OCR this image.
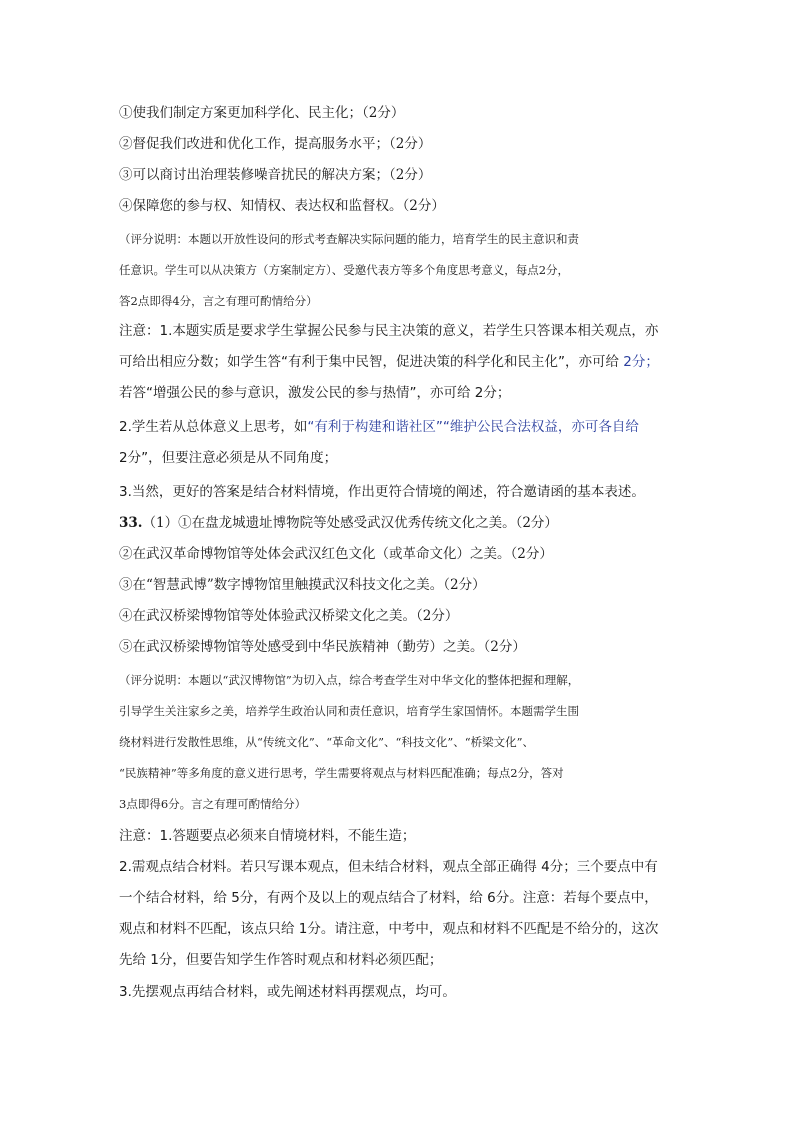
①使我们制定方案更加科学化、民主化；（2分）
②督促我们改进和优化工作，提高服务水平；（2分）
③可以商讨出治理装修噪音扰民的解决方案；（2分）
④保障您的参与权、知情权、表达权和监督权。（2分）
（评分说明：本题以开放性设问的形式考查解决实际问题的能力，培育学生的民主意识和责
任意识。学生可以从决策方（方案制定方）、受邀代表方等多个角度思考意义，每点2分，
答2点即得4分，言之有理可酌情给分）
注意：1.本题实质是要求学生掌握公民参与民主决策的意义，若学生只答课本相关观点，亦
可给出相应分数；如学生答“有利于集中民智，促进决策的科学化和民主化”，亦可给 2分；
若答“增强公民的参与意识，激发公民的参与热情”，亦可给 2分；
2.学生若从总体意义上思考，如“有利于构建和谐社区”“维护公民合法权益，亦可各自给
2分”，但要注意必须是从不同角度；
3.当然，更好的答案是结合材料情境，作出更符合情境的阐述，符合邀请函的基本表述。
33.（1）①在盘龙城遗址博物院等处感受武汉优秀传统文化之美。（2分）
②在武汉革命博物馆等处体会武汉红色文化（或革命文化）之美。（2分）
③在“智慧武博”数字博物馆里触摸武汉科技文化之美。（2分）
④在武汉桥梁博物馆等处体验武汉桥梁文化之美。（2分）
⑤在武汉桥梁博物馆等处感受到中华民族精神（勤劳）之美。（2分）
（评分说明：本题以“武汉博物馆”为切入点，综合考查学生对中华文化的整体把握和理解，
引导学生关注家乡之美，培养学生政治认同和责任意识，培育学生家国情怀。本题需学生围
绕材料进行发散性思维，从“传统文化”、“革命文化”、“科技文化”、“桥梁文化”、
“民族精神”等多角度的意义进行思考，学生需要将观点与材料匹配准确；每点2分，答对
3点即得6分。言之有理可酌情给分）
注意：1.答题要点必须来自情境材料，不能生造；
2.需观点结合材料。若只写课本观点，但未结合材料，观点全部正确得 4分；三个要点中有
一个结合材料，给 5分，有两个及以上的观点结合了材料，给 6分。注意：若每个要点中，
观点和材料不匹配，该点只给 1分。请注意，中考中，观点和材料不匹配是不给分的，这次
先给 1分，但要告知学生作答时观点和材料必须匹配；
3.先摆观点再结合材料，或先阐述材料再摆观点，均可。
